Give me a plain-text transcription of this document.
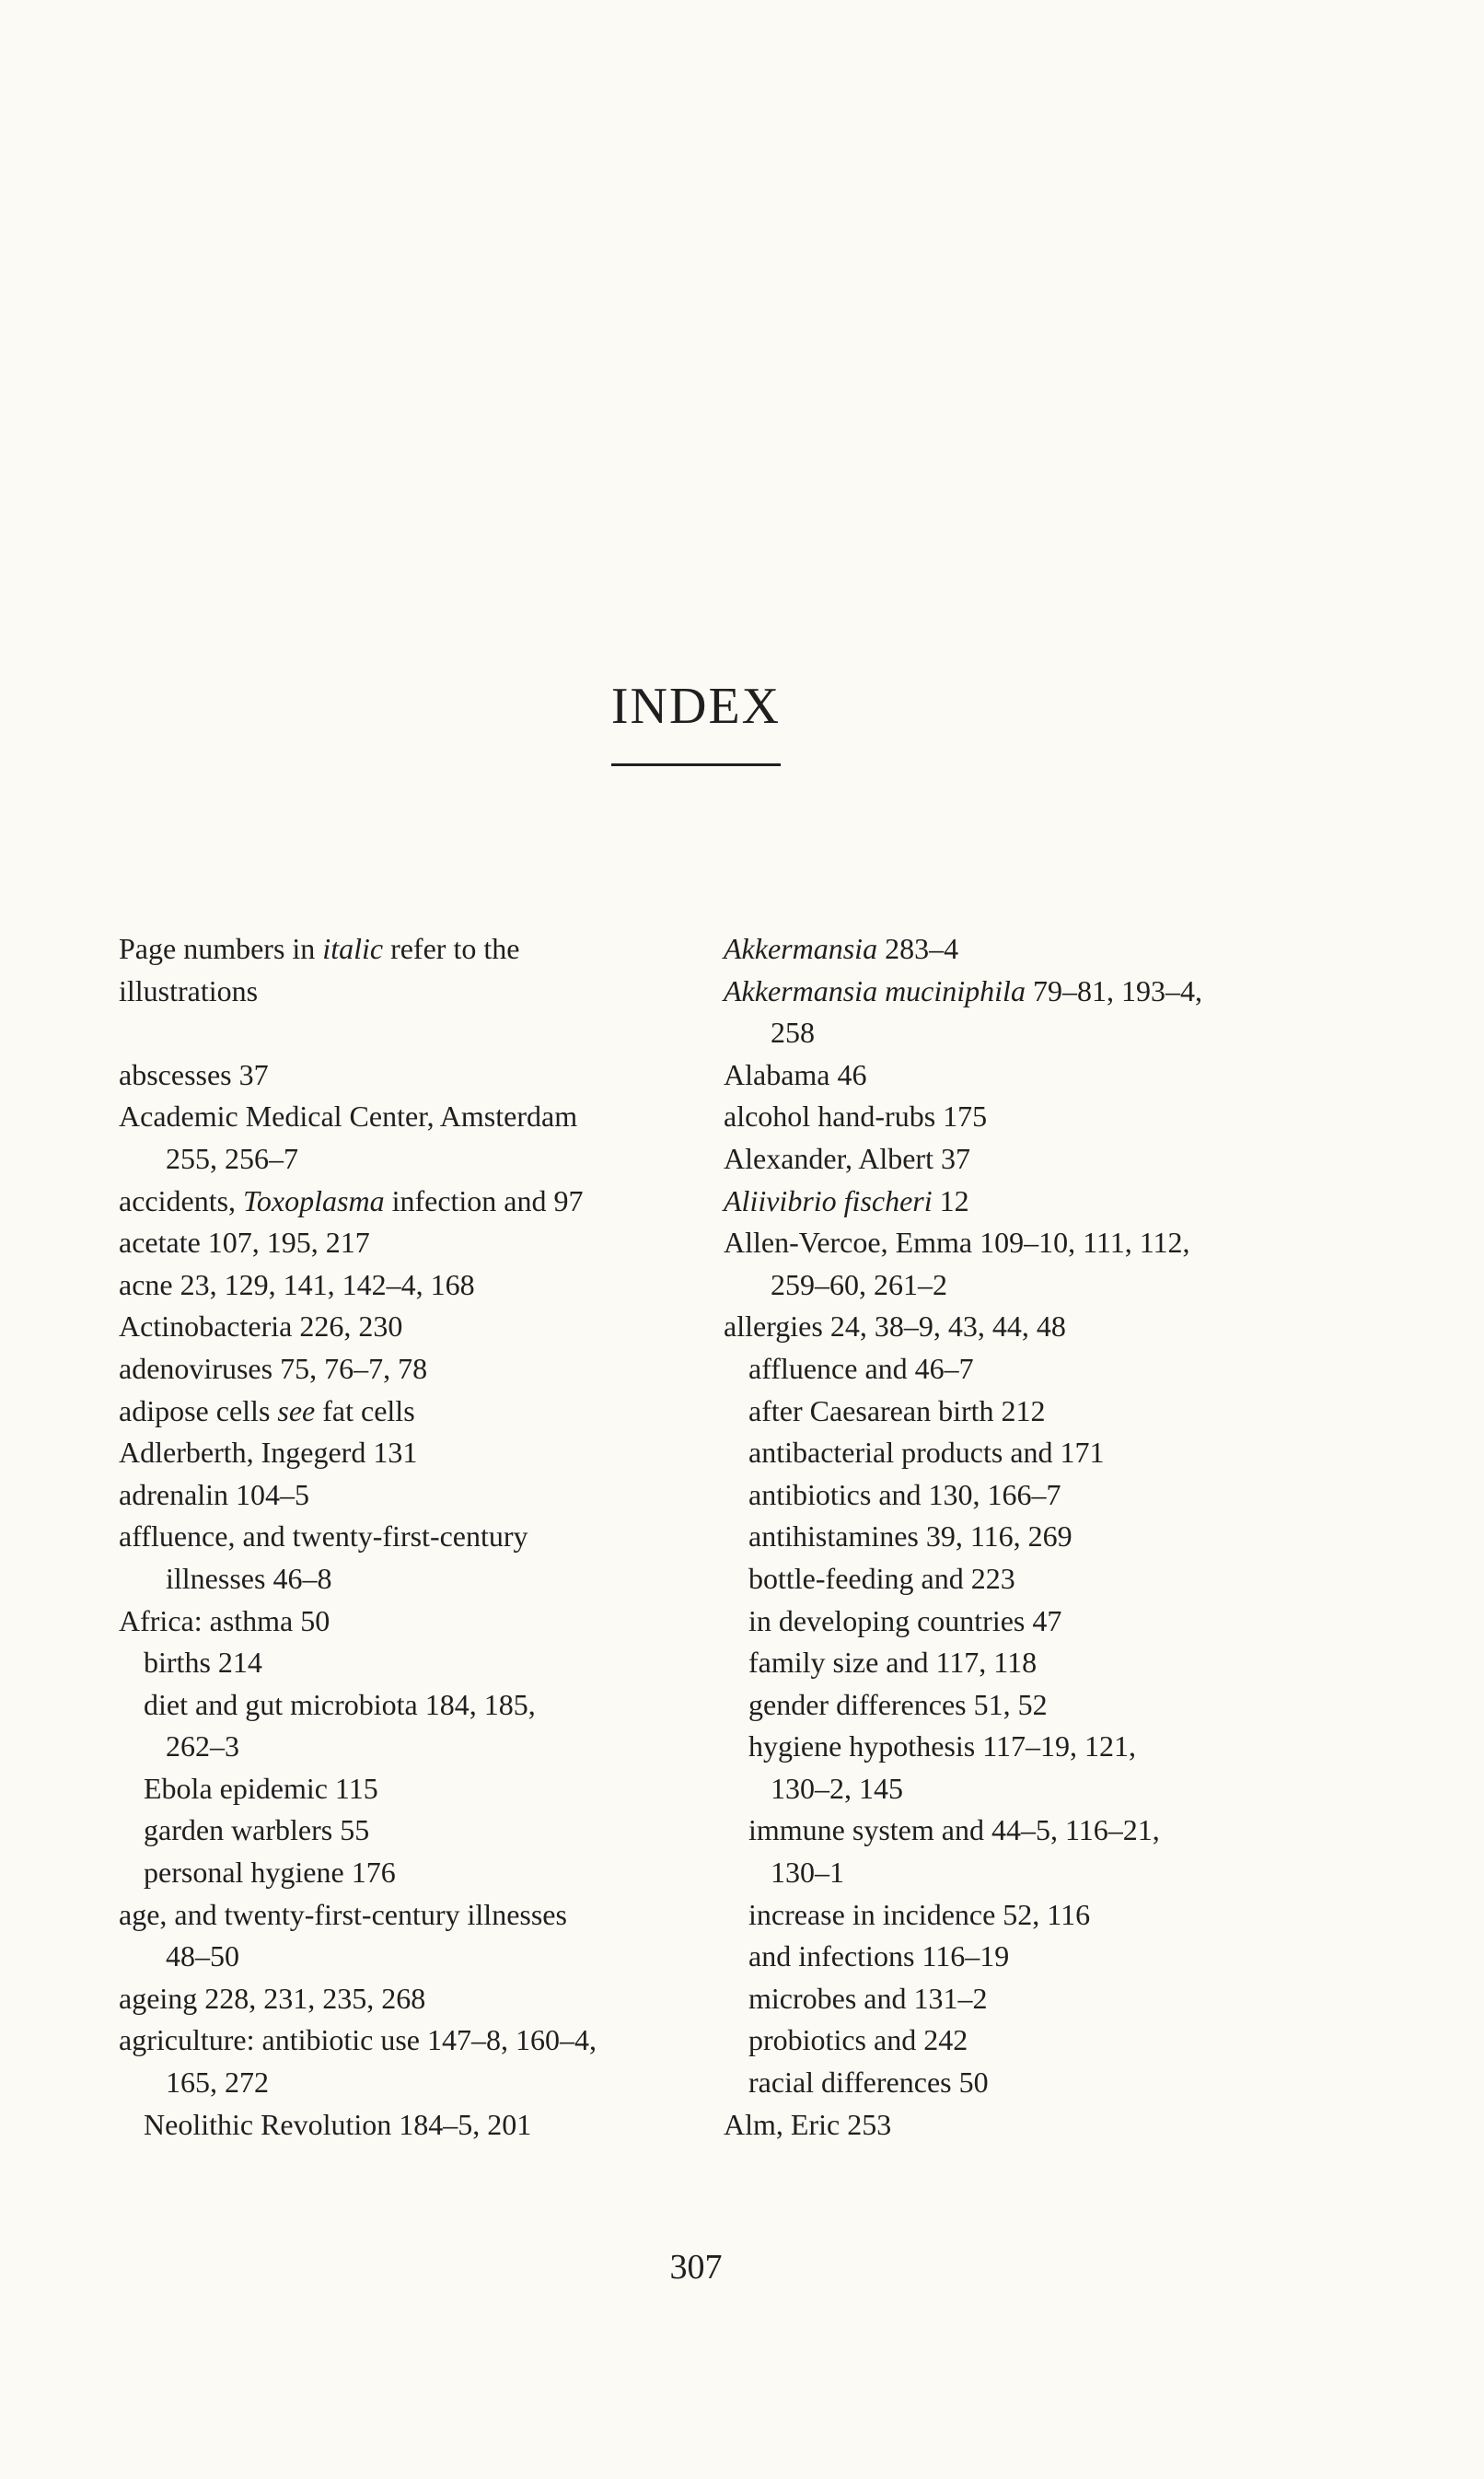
INDEX
Page numbers in italic refer to the
illustrations
abscesses 37
Academic Medical Center, Amsterdam
255, 256–7
accidents, Toxoplasma infection and 97
acetate 107, 195, 217
acne 23, 129, 141, 142–4, 168
Actinobacteria 226, 230
adenoviruses 75, 76–7, 78
adipose cells see fat cells
Adlerberth, Ingegerd 131
adrenalin 104–5
affluence, and twenty-first-century
illnesses 46–8
Africa: asthma 50
births 214
diet and gut microbiota 184, 185,
262–3
Ebola epidemic 115
garden warblers 55
personal hygiene 176
age, and twenty-first-century illnesses
48–50
ageing 228, 231, 235, 268
agriculture: antibiotic use 147–8, 160–4,
165, 272
Neolithic Revolution 184–5, 201
Akkermansia 283–4
Akkermansia muciniphila 79–81, 193–4,
258
Alabama 46
alcohol hand-rubs 175
Alexander, Albert 37
Aliivibrio fischeri 12
Allen-Vercoe, Emma 109–10, 111, 112,
259–60, 261–2
allergies 24, 38–9, 43, 44, 48
affluence and 46–7
after Caesarean birth 212
antibacterial products and 171
antibiotics and 130, 166–7
antihistamines 39, 116, 269
bottle-feeding and 223
in developing countries 47
family size and 117, 118
gender differences 51, 52
hygiene hypothesis 117–19, 121,
130–2, 145
immune system and 44–5, 116–21,
130–1
increase in incidence 52, 116
and infections 116–19
microbes and 131–2
probiotics and 242
racial differences 50
Alm, Eric 253
307
